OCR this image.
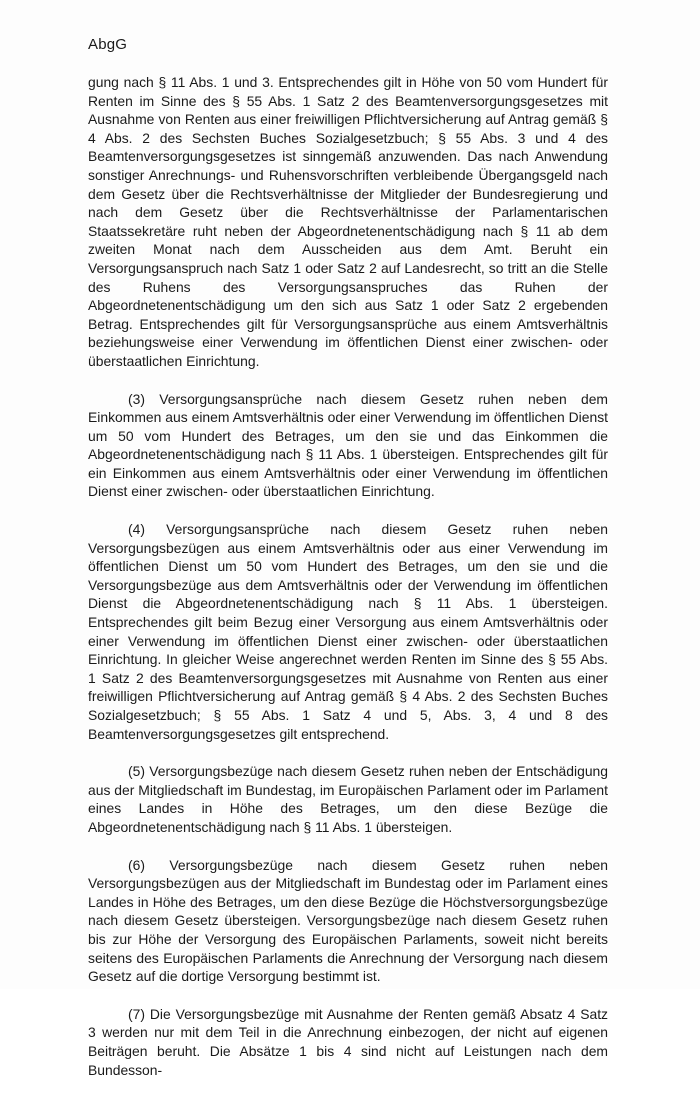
AbgG

gung nach § 11 Abs. 1 und 3. Entsprechendes gilt in Höhe von 50 vom Hundert für Renten im Sinne des § 55 Abs. 1 Satz 2 des Beamtenversorgungsgesetzes mit Ausnahme von Renten aus einer freiwilligen Pflichtversicherung auf Antrag gemäß § 4 Abs. 2 des Sechsten Buches Sozialgesetzbuch; § 55 Abs. 3 und 4 des Beamtenversorgungsgesetzes ist sinngemäß anzuwenden. Das nach Anwendung sonstiger Anrechnungs- und Ruhensvorschriften verbleibende Übergangsgeld nach dem Gesetz über die Rechtsverhältnisse der Mitglieder der Bundesregierung und nach dem Gesetz über die Rechtsverhältnisse der Parlamentarischen Staatssekretäre ruht neben der Abgeordnetenentschädigung nach § 11 ab dem zweiten Monat nach dem Ausscheiden aus dem Amt. Beruht ein Versorgungsanspruch nach Satz 1 oder Satz 2 auf Landesrecht, so tritt an die Stelle des Ruhens des Versorgungsanspruches das Ruhen der Abgeordnetenentschädigung um den sich aus Satz 1 oder Satz 2 ergebenden Betrag. Entsprechendes gilt für Versorgungsansprüche aus einem Amtsverhältnis beziehungsweise einer Verwendung im öffentlichen Dienst einer zwischen- oder überstaatlichen Einrichtung.

(3) Versorgungsansprüche nach diesem Gesetz ruhen neben dem Einkommen aus einem Amtsverhältnis oder einer Verwendung im öffentlichen Dienst um 50 vom Hundert des Betrages, um den sie und das Einkommen die Abgeordnetenentschädigung nach § 11 Abs. 1 übersteigen. Entsprechendes gilt für ein Einkommen aus einem Amtsverhältnis oder einer Verwendung im öffentlichen Dienst einer zwischen- oder überstaatlichen Einrichtung.

(4) Versorgungsansprüche nach diesem Gesetz ruhen neben Versorgungsbezügen aus einem Amtsverhältnis oder aus einer Verwendung im öffentlichen Dienst um 50 vom Hundert des Betrages, um den sie und die Versorgungsbezüge aus dem Amtsverhältnis oder der Verwendung im öffentlichen Dienst die Abgeordnetenentschädigung nach § 11 Abs. 1 übersteigen. Entsprechendes gilt beim Bezug einer Versorgung aus einem Amtsverhältnis oder einer Verwendung im öffentlichen Dienst einer zwischen- oder überstaatlichen Einrichtung. In gleicher Weise angerechnet werden Renten im Sinne des § 55 Abs. 1 Satz 2 des Beamtenversorgungsgesetzes mit Ausnahme von Renten aus einer freiwilligen Pflichtversicherung auf Antrag gemäß § 4 Abs. 2 des Sechsten Buches Sozialgesetzbuch; § 55 Abs. 1 Satz 4 und 5, Abs. 3, 4 und 8 des Beamtenversorgungsgesetzes gilt entsprechend.

(5) Versorgungsbezüge nach diesem Gesetz ruhen neben der Entschädigung aus der Mitgliedschaft im Bundestag, im Europäischen Parlament oder im Parlament eines Landes in Höhe des Betrages, um den diese Bezüge die Abgeordnetenentschädigung nach § 11 Abs. 1 übersteigen.

(6) Versorgungsbezüge nach diesem Gesetz ruhen neben Versorgungsbezügen aus der Mitgliedschaft im Bundestag oder im Parlament eines Landes in Höhe des Betrages, um den diese Bezüge die Höchstversorgungsbezüge nach diesem Gesetz übersteigen. Versorgungsbezüge nach diesem Gesetz ruhen bis zur Höhe der Versorgung des Europäischen Parlaments, soweit nicht bereits seitens des Europäischen Parlaments die Anrechnung der Versorgung nach diesem Gesetz auf die dortige Versorgung bestimmt ist.

(7) Die Versorgungsbezüge mit Ausnahme der Renten gemäß Absatz 4 Satz 3 werden nur mit dem Teil in die Anrechnung einbezogen, der nicht auf eigenen Beiträgen beruht. Die Absätze 1 bis 4 sind nicht auf Leistungen nach dem Bundesson-
